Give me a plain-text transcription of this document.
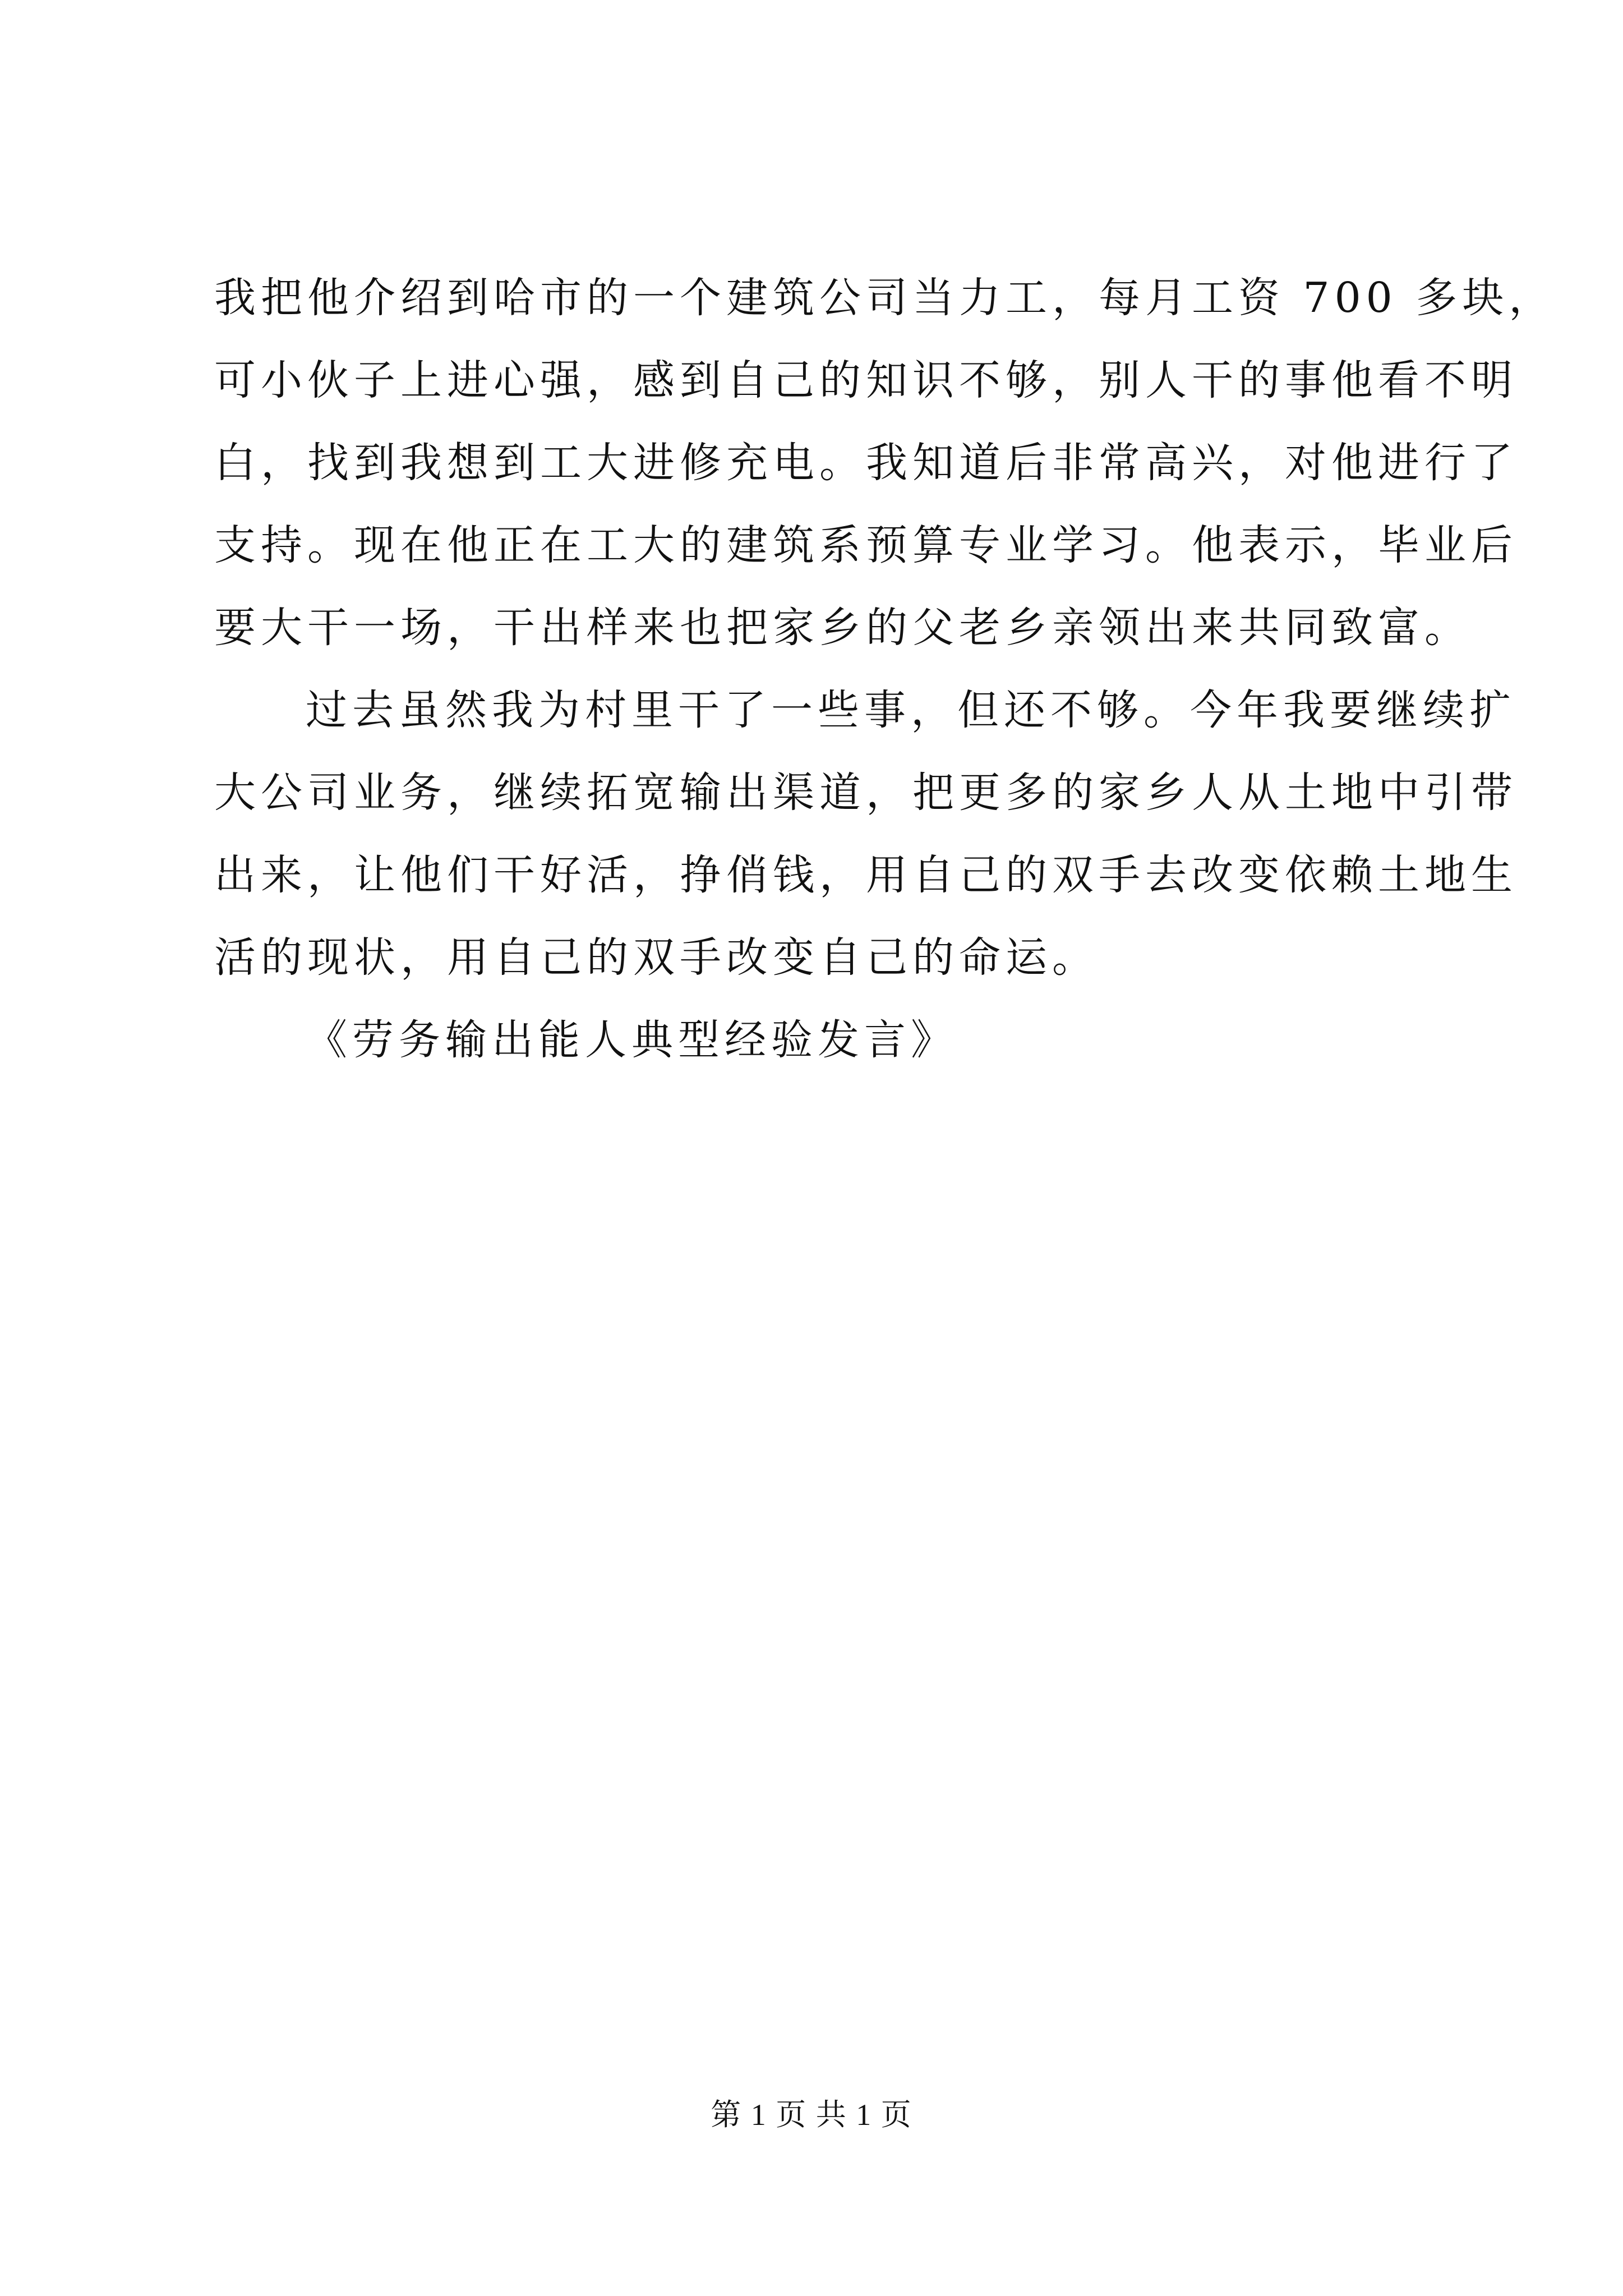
我把他介绍到哈市的一个建筑公司当力工，每月工资 700 多块，
可小伙子上进心强，感到自己的知识不够，别人干的事他看不明
白，找到我想到工大进修充电。我知道后非常高兴，对他进行了
支持。现在他正在工大的建筑系预算专业学习。他表示，毕业后
要大干一场，干出样来也把家乡的父老乡亲领出来共同致富。
过去虽然我为村里干了一些事，但还不够。今年我要继续扩
大公司业务，继续拓宽输出渠道，把更多的家乡人从土地中引带
出来，让他们干好活，挣俏钱，用自己的双手去改变依赖土地生
活的现状，用自己的双手改变自己的命运。

《劳务输出能人典型经验发言》

第 1 页 共 1 页
